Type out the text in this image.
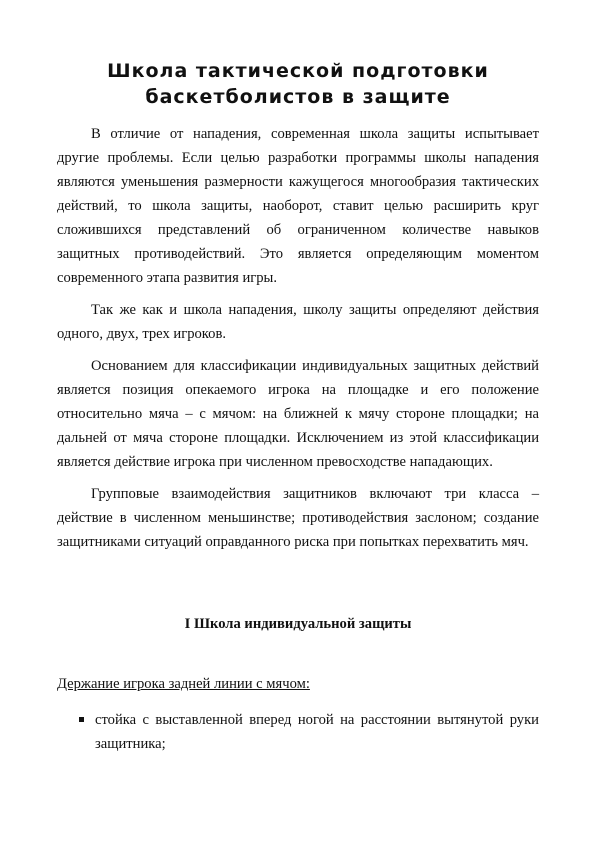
Школа тактической подготовки
баскетболистов в защите

В отличие от нападения, современная школа защиты испытывает другие проблемы. Если целью разработки программы школы нападения являются уменьшения размерности кажущегося многообразия тактических действий, то школа защиты, наоборот, ставит целью расширить круг сложившихся представлений об ограниченном количестве навыков защитных противодействий. Это является определяющим моментом современного этапа развития игры.

Так же как и школа нападения, школу защиты определяют действия одного, двух, трех игроков.

Основанием для классификации индивидуальных защитных действий является позиция опекаемого игрока на площадке и его положение относительно мяча – с мячом: на ближней к мячу стороне площадки; на дальней от мяча стороне площадки. Исключением из этой классификации является действие игрока при численном превосходстве нападающих.

Групповые взаимодействия защитников включают три класса – действие в численном меньшинстве; противодействия заслоном; создание защитниками ситуаций оправданного риска при попытках перехватить мяч.

I Школа индивидуальной защиты
Держание игрока задней линии с мячом:
стойка с выставленной вперед ногой на расстоянии вытянутой руки защитника;
